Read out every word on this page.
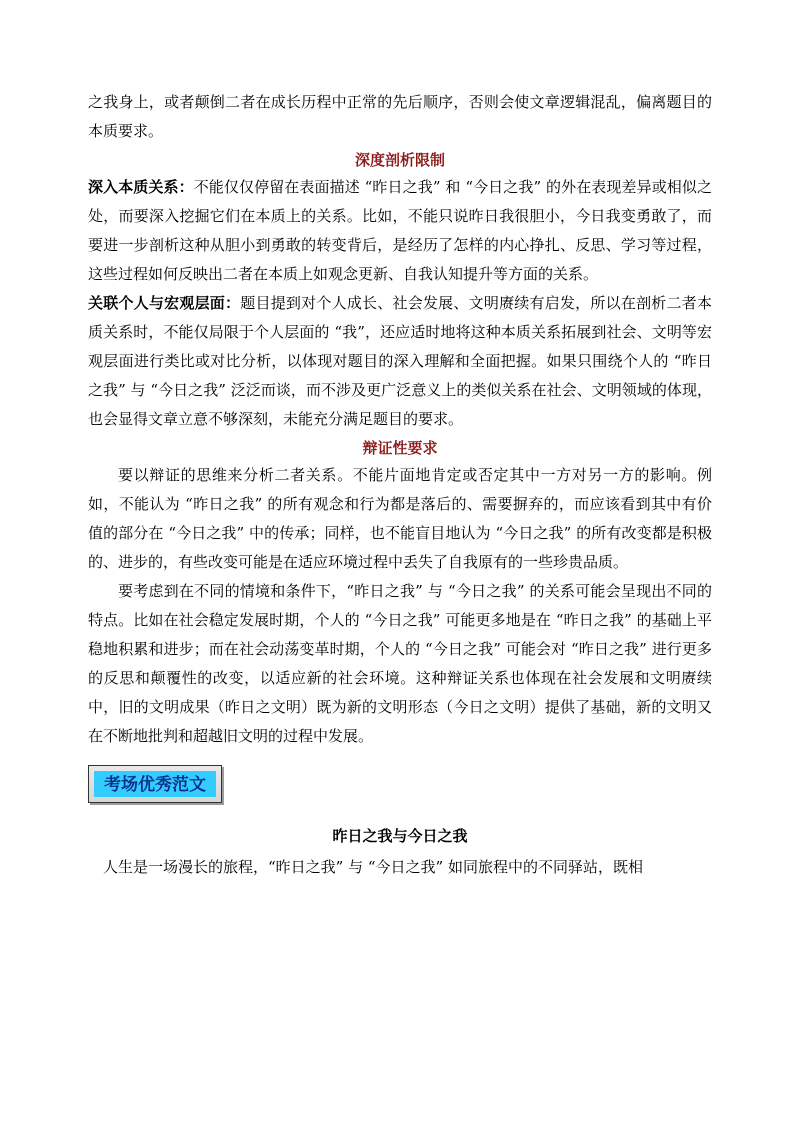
之我身上，或者颠倒二者在成长历程中正常的先后顺序，否则会使文章逻辑混乱，偏离题目的本质要求。

深度剖析限制

深入本质关系：不能仅仅停留在表面描述 “昨日之我” 和 “今日之我” 的外在表现差异或相似之处，而要深入挖掘它们在本质上的关系。比如，不能只说昨日我很胆小，今日我变勇敢了，而要进一步剖析这种从胆小到勇敢的转变背后，是经历了怎样的内心挣扎、反思、学习等过程，这些过程如何反映出二者在本质上如观念更新、自我认知提升等方面的关系。

关联个人与宏观层面：题目提到对个人成长、社会发展、文明赓续有启发，所以在剖析二者本质关系时，不能仅局限于个人层面的 “我”，还应适时地将这种本质关系拓展到社会、文明等宏观层面进行类比或对比分析，以体现对题目的深入理解和全面把握。如果只围绕个人的 “昨日之我” 与 “今日之我” 泛泛而谈，而不涉及更广泛意义上的类似关系在社会、文明领域的体现，也会显得文章立意不够深刻，未能充分满足题目的要求。

辩证性要求

要以辩证的思维来分析二者关系。不能片面地肯定或否定其中一方对另一方的影响。例如，不能认为 “昨日之我” 的所有观念和行为都是落后的、需要摒弃的，而应该看到其中有价值的部分在 “今日之我” 中的传承；同样，也不能盲目地认为 “今日之我” 的所有改变都是积极的、进步的，有些改变可能是在适应环境过程中丢失了自我原有的一些珍贵品质。

要考虑到在不同的情境和条件下，“昨日之我” 与 “今日之我” 的关系可能会呈现出不同的特点。比如在社会稳定发展时期，个人的 “今日之我” 可能更多地是在 “昨日之我” 的基础上平稳地积累和进步；而在社会动荡变革时期，个人的 “今日之我” 可能会对 “昨日之我” 进行更多的反思和颠覆性的改变，以适应新的社会环境。这种辩证关系也体现在社会发展和文明赓续中，旧的文明成果（昨日之文明）既为新的文明形态（今日之文明）提供了基础，新的文明又在不断地批判和超越旧文明的过程中发展。

考场优秀范文
昨日之我与今日之我

人生是一场漫长的旅程，“昨日之我” 与 “今日之我” 如同旅程中的不同驿站，既相
